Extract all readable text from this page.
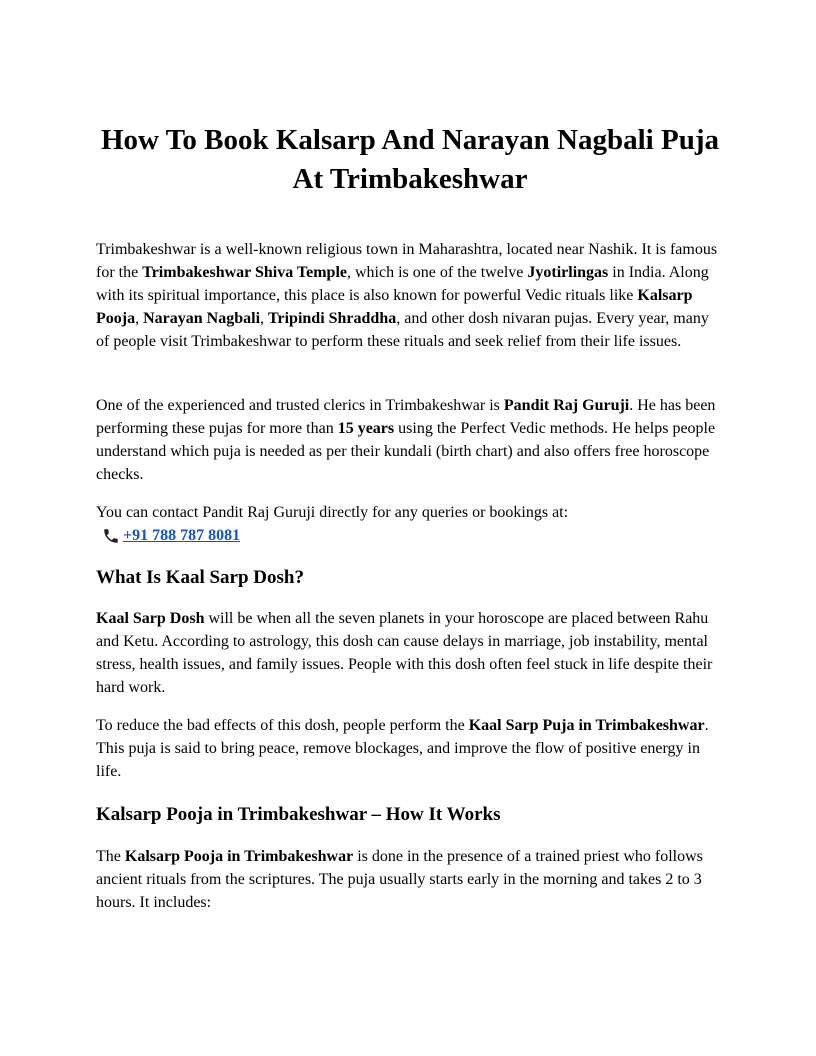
How To Book Kalsarp And Narayan Nagbali Puja At Trimbakeshwar

Trimbakeshwar is a well-known religious town in Maharashtra, located near Nashik. It is famous for the Trimbakeshwar Shiva Temple, which is one of the twelve Jyotirlingas in India. Along with its spiritual importance, this place is also known for powerful Vedic rituals like Kalsarp Pooja, Narayan Nagbali, Tripindi Shraddha, and other dosh nivaran pujas. Every year, many of people visit Trimbakeshwar to perform these rituals and seek relief from their life issues.

One of the experienced and trusted clerics in Trimbakeshwar is Pandit Raj Guruji. He has been performing these pujas for more than 15 years using the Perfect Vedic methods. He helps people understand which puja is needed as per their kundali (birth chart) and also offers free horoscope checks.

You can contact Pandit Raj Guruji directly for any queries or bookings at:

+91 788 787 8081
What Is Kaal Sarp Dosh?

Kaal Sarp Dosh will be when all the seven planets in your horoscope are placed between Rahu and Ketu. According to astrology, this dosh can cause delays in marriage, job instability, mental stress, health issues, and family issues. People with this dosh often feel stuck in life despite their hard work.

To reduce the bad effects of this dosh, people perform the Kaal Sarp Puja in Trimbakeshwar. This puja is said to bring peace, remove blockages, and improve the flow of positive energy in life.

Kalsarp Pooja in Trimbakeshwar – How It Works

The Kalsarp Pooja in Trimbakeshwar is done in the presence of a trained priest who follows ancient rituals from the scriptures. The puja usually starts early in the morning and takes 2 to 3 hours. It includes:
